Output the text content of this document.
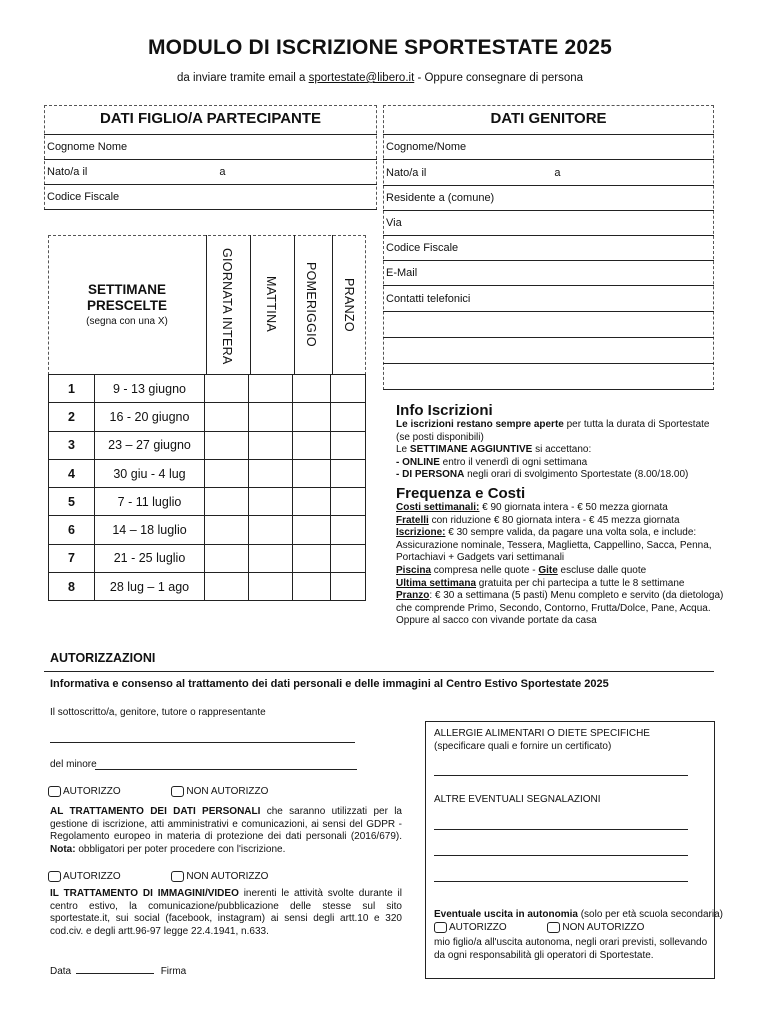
MODULO DI ISCRIZIONE SPORTESTATE 2025
da inviare tramite email a sportestate@libero.it - Oppure consegnare di persona
DATI FIGLIO/A PARTECIPANTE
Cognome Nome
Nato/a il	a
Codice Fiscale
SETTIMANE PRESCELTE
(segna con una X)	GIORNATA INTERA MATTINA POMERIGGIO PRANZO
1	9 - 13 giugno				
2	16 - 20 giugno				
3	23 – 27 giugno				
4	30 giu - 4 lug				
5	7 - 11 luglio				
6	14 – 18 luglio				
7	21 - 25 luglio				
8	28 lug – 1 ago				
DATI GENITORE
Cognome/Nome
Nato/a il	a
Residente a (comune)
Via
Codice Fiscale
E-Mail
Contatti telefonici
Info Iscrizioni

Le iscrizioni restano sempre aperte per tutta la durata di Sportestate

(se posti disponibili)

Le SETTIMANE AGGIUNTIVE si accettano:

- ONLINE entro il venerdì di ogni settimana

- DI PERSONA negli orari di svolgimento Sportestate (8.00/18.00)

Frequenza e Costi

Costi settimanali: € 90 giornata intera - € 50 mezza giornata

Fratelli con riduzione € 80 giornata intera - € 45 mezza giornata

Iscrizione: € 30 sempre valida, da pagare una volta sola, e include:

Assicurazione nominale, Tessera, Maglietta, Cappellino, Sacca, Penna,

Portachiavi + Gadgets vari settimanali

Piscina compresa nelle quote - Gite escluse dalle quote

Ultima settimana gratuita per chi partecipa a tutte le 8 settimane

Pranzo: € 30 a settimana (5 pasti) Menu completo e servito (da dietologa)

che comprende Primo, Secondo, Contorno, Frutta/Dolce, Pane, Acqua.

Oppure al sacco con vivande portate da casa

AUTORIZZAZIONI
Informativa e consenso al trattamento dei dati personali e delle immagini al Centro Estivo Sportestate 2025
Il sottoscritto/a, genitore, tutore o rappresentante
del minore
AUTORIZZO	NON AUTORIZZO
AL TRATTAMENTO DEI DATI PERSONALI che saranno utilizzati per la gestione di iscrizione, atti amministrativi e comunicazioni, ai sensi del GDPR - Regolamento europeo in materia di protezione dei dati personali (2016/679). Nota: obbligatori per poter procedere con l'iscrizione.
AUTORIZZO	NON AUTORIZZO
IL TRATTAMENTO DI IMMAGINI/VIDEO inerenti le attività svolte durante il centro estivo, la comunicazione/pubblicazione delle stesse sul sito sportestate.it, sui social (facebook, instagram) ai sensi degli artt.10 e 320 cod.civ. e degli artt.96-97 legge 22.4.1941, n.633.
Data	Firma
ALLERGIE ALIMENTARI O DIETE SPECIFICHE
(specificare quali e fornire un certificato)
ALTRE EVENTUALI SEGNALAZIONI
Eventuale uscita in autonomia (solo per età scuola secondaria)
AUTORIZZO	NON AUTORIZZO
mio figlio/a all'uscita autonoma, negli orari previsti, sollevando da ogni responsabilità gli operatori di Sportestate.
